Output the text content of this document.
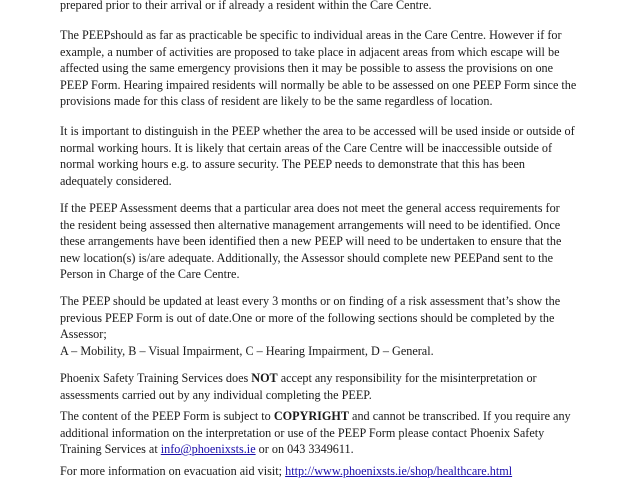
prepared prior to their arrival or if already a resident within the Care Centre.

The PEEPshould as far as practicable be specific to individual areas in the Care Centre. However if for
example, a number of activities are proposed to take place in adjacent areas from which escape will be
affected using the same emergency provisions then it may be possible to assess the provisions on one
PEEP Form. Hearing impaired residents will normally be able to be assessed on one PEEP Form since the
provisions made for this class of resident are likely to be the same regardless of location.

It is important to distinguish in the PEEP whether the area to be accessed will be used inside or outside of
normal working hours. It is likely that certain areas of the Care Centre will be inaccessible outside of
normal working hours e.g. to assure security. The PEEP needs to demonstrate that this has been
adequately considered.

If the PEEP Assessment deems that a particular area does not meet the general access requirements for
the resident being assessed then alternative management arrangements will need to be identified. Once
these arrangements have been identified then a new PEEP will need to be undertaken to ensure that the
new location(s) is/are adequate. Additionally, the Assessor should complete new PEEPand sent to the
Person in Charge of the Care Centre.

The PEEP should be updated at least every 3 months or on finding of a risk assessment that’s show the
previous PEEP Form is out of date.One or more of the following sections should be completed by the
Assessor;
A – Mobility, B – Visual Impairment, C – Hearing Impairment, D – General.

Phoenix Safety Training Services does NOT accept any responsibility for the misinterpretation or
assessments carried out by any individual completing the PEEP.

The content of the PEEP Form is subject to COPYRIGHT and cannot be transcribed. If you require any
additional information on the interpretation or use of the PEEP Form please contact Phoenix Safety
Training Services at info@phoenixsts.ie or on 043 3349611.

For more information on evacuation aid visit; http://www.phoenixsts.ie/shop/healthcare.html
